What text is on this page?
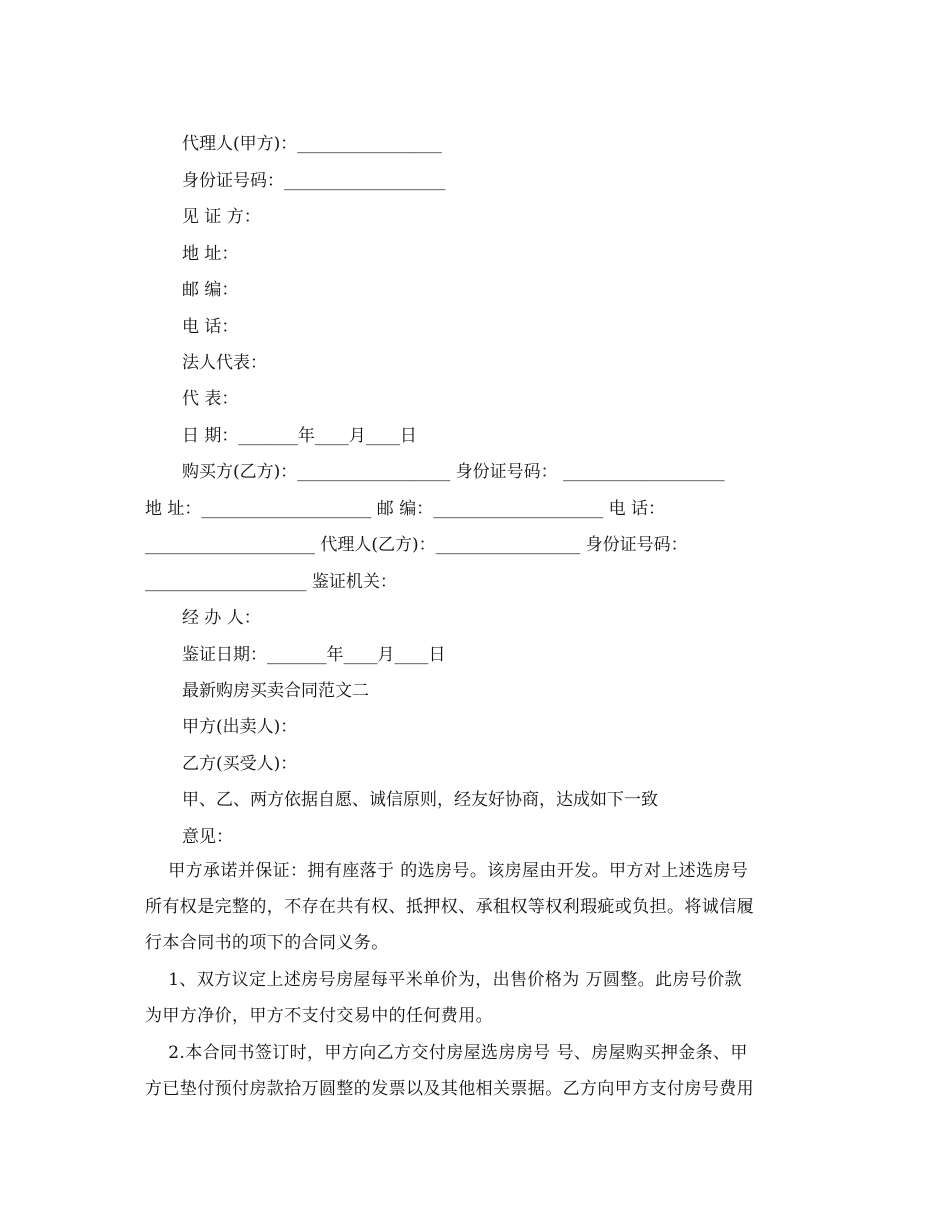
代理人(甲方)：_________________
身份证号码：___________________
见 证 方：
地 址：
邮 编：
电 话：
法人代表：
代 表：
日 期：_______年____月____日
购买方(乙方)：__________________ 身份证号码： ___________________
地 址：____________________ 邮 编：____________________ 电 话：
____________________ 代理人(乙方)：_________________ 身份证号码：
___________________ 鉴证机关：
经 办 人：
鉴证日期：_______年____月____日
最新购房买卖合同范文二
甲方(出卖人)：
乙方(买受人)：
甲、乙、两方依据自愿、诚信原则，经友好协商，达成如下一致
意见：
甲方承诺并保证：拥有座落于 的选房号。该房屋由开发。甲方对上述选房号
所有权是完整的，不存在共有权、抵押权、承租权等权利瑕疵或负担。将诚信履
行本合同书的项下的合同义务。
1、双方议定上述房号房屋每平米单价为，出售价格为 万圆整。此房号价款
为甲方净价，甲方不支付交易中的任何费用。
2.本合同书签订时，甲方向乙方交付房屋选房房号 号、房屋购买押金条、甲
方已垫付预付房款拾万圆整的发票以及其他相关票据。乙方向甲方支付房号费用
